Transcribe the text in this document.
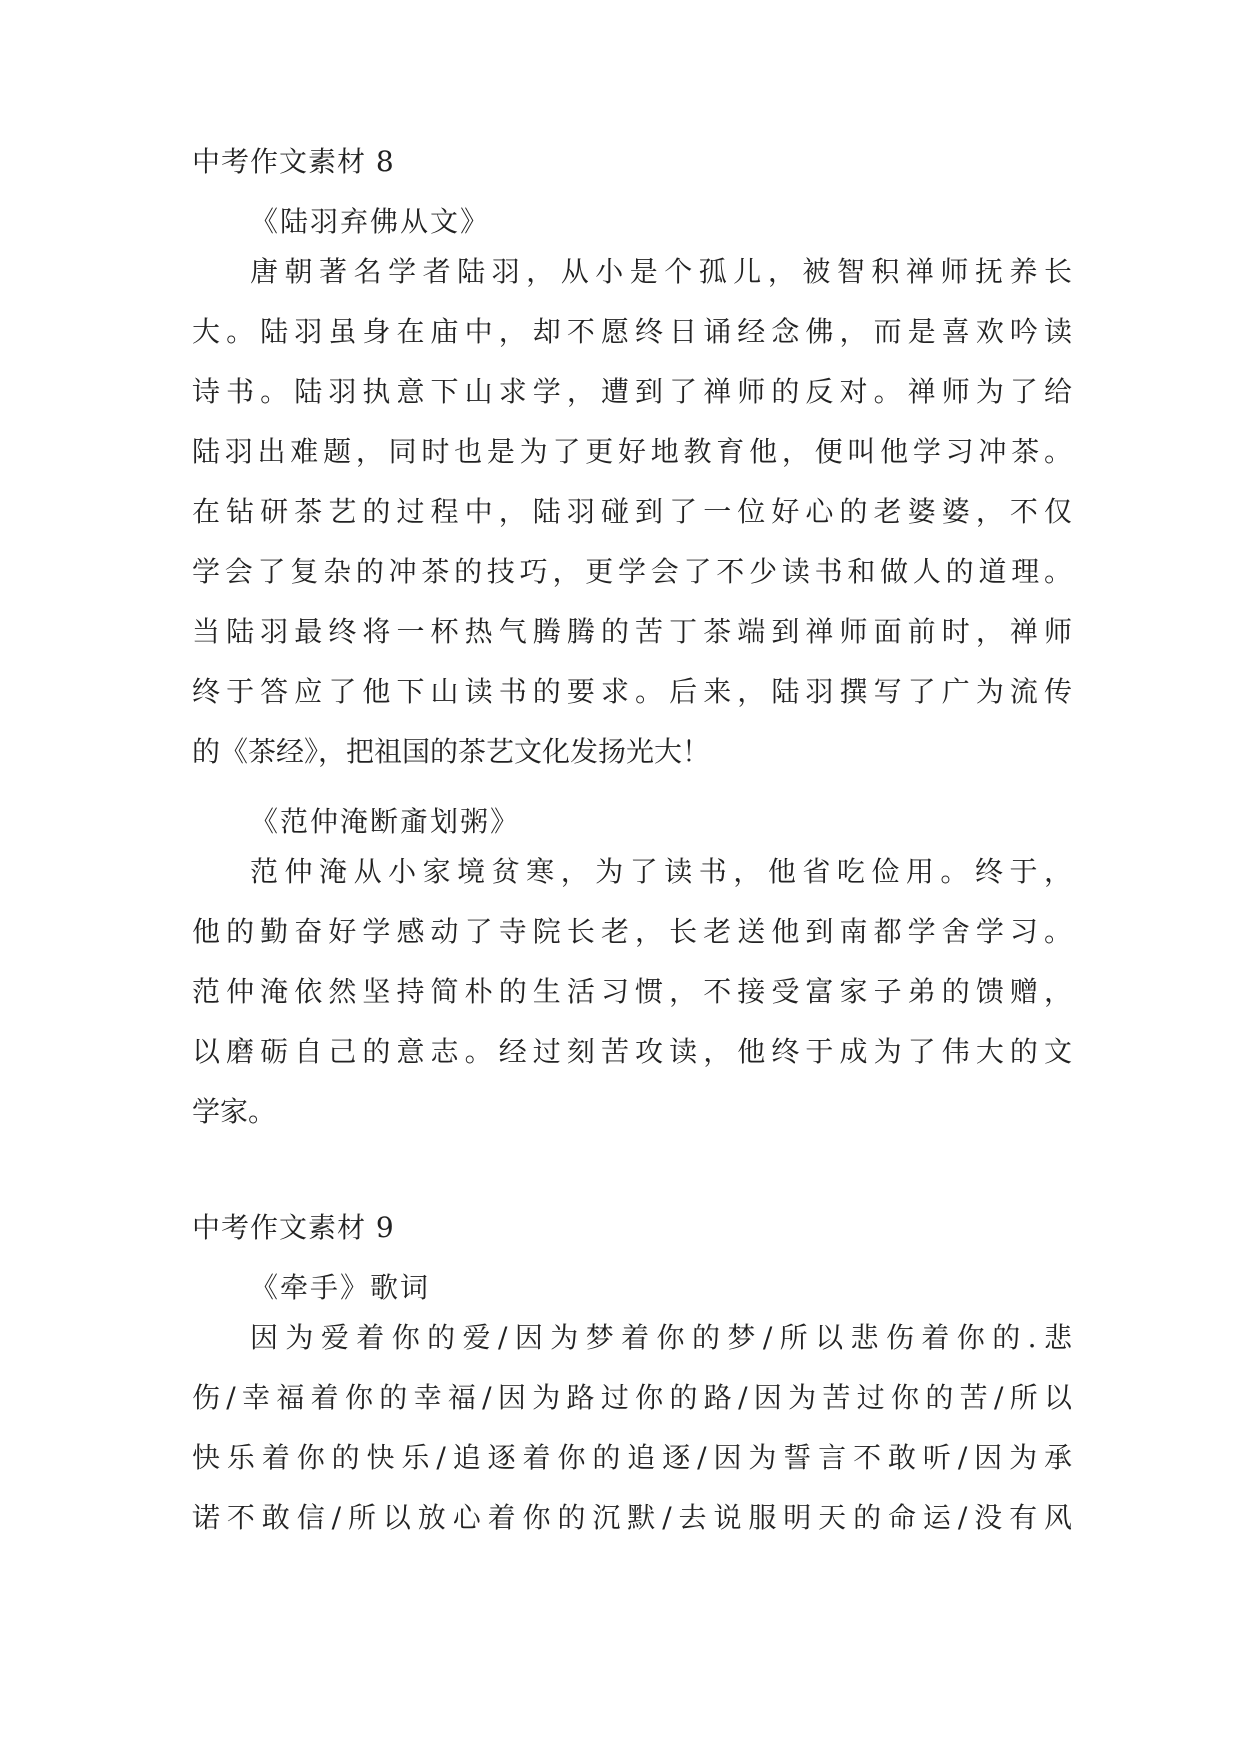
中考作文素材 8
《陆羽弃佛从文》
唐朝著名学者陆羽，从小是个孤儿，被智积禅师抚养长
大。陆羽虽身在庙中，却不愿终日诵经念佛，而是喜欢吟读
诗书。陆羽执意下山求学，遭到了禅师的反对。禅师为了给
陆羽出难题，同时也是为了更好地教育他，便叫他学习冲茶。
在钻研茶艺的过程中，陆羽碰到了一位好心的老婆婆，不仅
学会了复杂的冲茶的技巧，更学会了不少读书和做人的道理。
当陆羽最终将一杯热气腾腾的苦丁茶端到禅师面前时，禅师
终于答应了他下山读书的要求。后来，陆羽撰写了广为流传
的《茶经》，把祖国的茶艺文化发扬光大！
《范仲淹断齑划粥》
范仲淹从小家境贫寒，为了读书，他省吃俭用。终于，
他的勤奋好学感动了寺院长老，长老送他到南都学舍学习。
范仲淹依然坚持简朴的生活习惯，不接受富家子弟的馈赠，
以磨砺自己的意志。经过刻苦攻读，他终于成为了伟大的文
学家。
中考作文素材 9
《牵手》歌词
因为爱着你的爱/因为梦着你的梦/所以悲伤着你的.悲
伤/幸福着你的幸福/因为路过你的路/因为苦过你的苦/所以
快乐着你的快乐/追逐着你的追逐/因为誓言不敢听/因为承
诺不敢信/所以放心着你的沉默/去说服明天的命运/没有风
